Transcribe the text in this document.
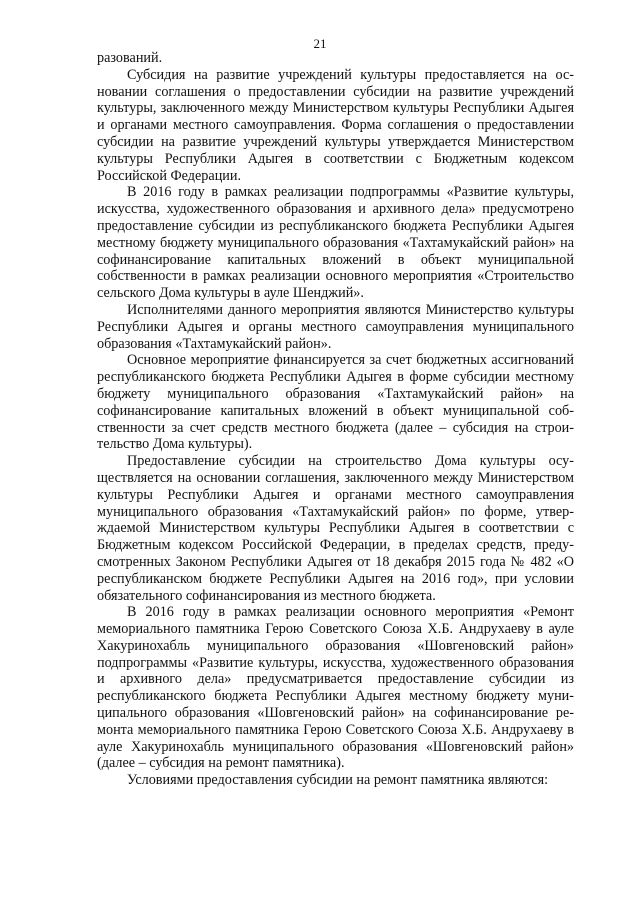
21

разований.

Субсидия на развитие учреждений культуры предоставляется на основании соглашения о предоставлении субсидии на развитие учреждений культуры, заключенного между Министерством культуры Республики Адыгея и органами местного самоуправления. Форма соглашения о предоставлении субсидии на развитие учреждений культуры утверждается Министерством культуры Республики Адыгея в соответствии с Бюджетным кодексом Российской Федерации.

В 2016 году в рамках реализации подпрограммы «Развитие культуры, искусства, художественного образования и архивного дела» предусмотрено предоставление субсидии из республиканского бюджета Республики Адыгея местному бюджету муниципального образования «Тахтамукайский район» на софинансирование капитальных вложений в объект муниципальной собственности в рамках реализации основного мероприятия «Строительство сельского Дома культуры в ауле Шенджий».

Исполнителями данного мероприятия являются Министерство культуры Республики Адыгея и органы местного самоуправления муниципального образования «Тахтамукайский район».

Основное мероприятие финансируется за счет бюджетных ассигнований республиканского бюджета Республики Адыгея в форме субсидии местному бюджету муниципального образования «Тахтамукайский район» на софинансирование капитальных вложений в объект муниципальной собственности за счет средств местного бюджета (далее – субсидия на строительство Дома культуры).

Предоставление субсидии на строительство Дома культуры осуществляется на основании соглашения, заключенного между Министерством культуры Республики Адыгея и органами местного самоуправления муниципального образования «Тахтамукайский район» по форме, утверждаемой Министерством культуры Республики Адыгея в соответствии с Бюджетным кодексом Российской Федерации, в пределах средств, предусмотренных Законом Республики Адыгея от 18 декабря 2015 года № 482 «О республиканском бюджете Республики Адыгея на 2016 год», при условии обязательного софинансирования из местного бюджета.

В 2016 году в рамках реализации основного мероприятия «Ремонт мемориального памятника Герою Советского Союза Х.Б. Андрухаеву в ауле Хакуринохабль муниципального образования «Шовгеновский район» подпрограммы «Развитие культуры, искусства, художественного образования и архивного дела» предусматривается предоставление субсидии из республиканского бюджета Республики Адыгея местному бюджету муниципального образования «Шовгеновский район» на софинансирование ремонта мемориального памятника Герою Советского Союза Х.Б. Андрухаеву в ауле Хакуринохабль муниципального образования «Шовгеновский район» (далее – субсидия на ремонт памятника).

Условиями предоставления субсидии на ремонт памятника являются:
